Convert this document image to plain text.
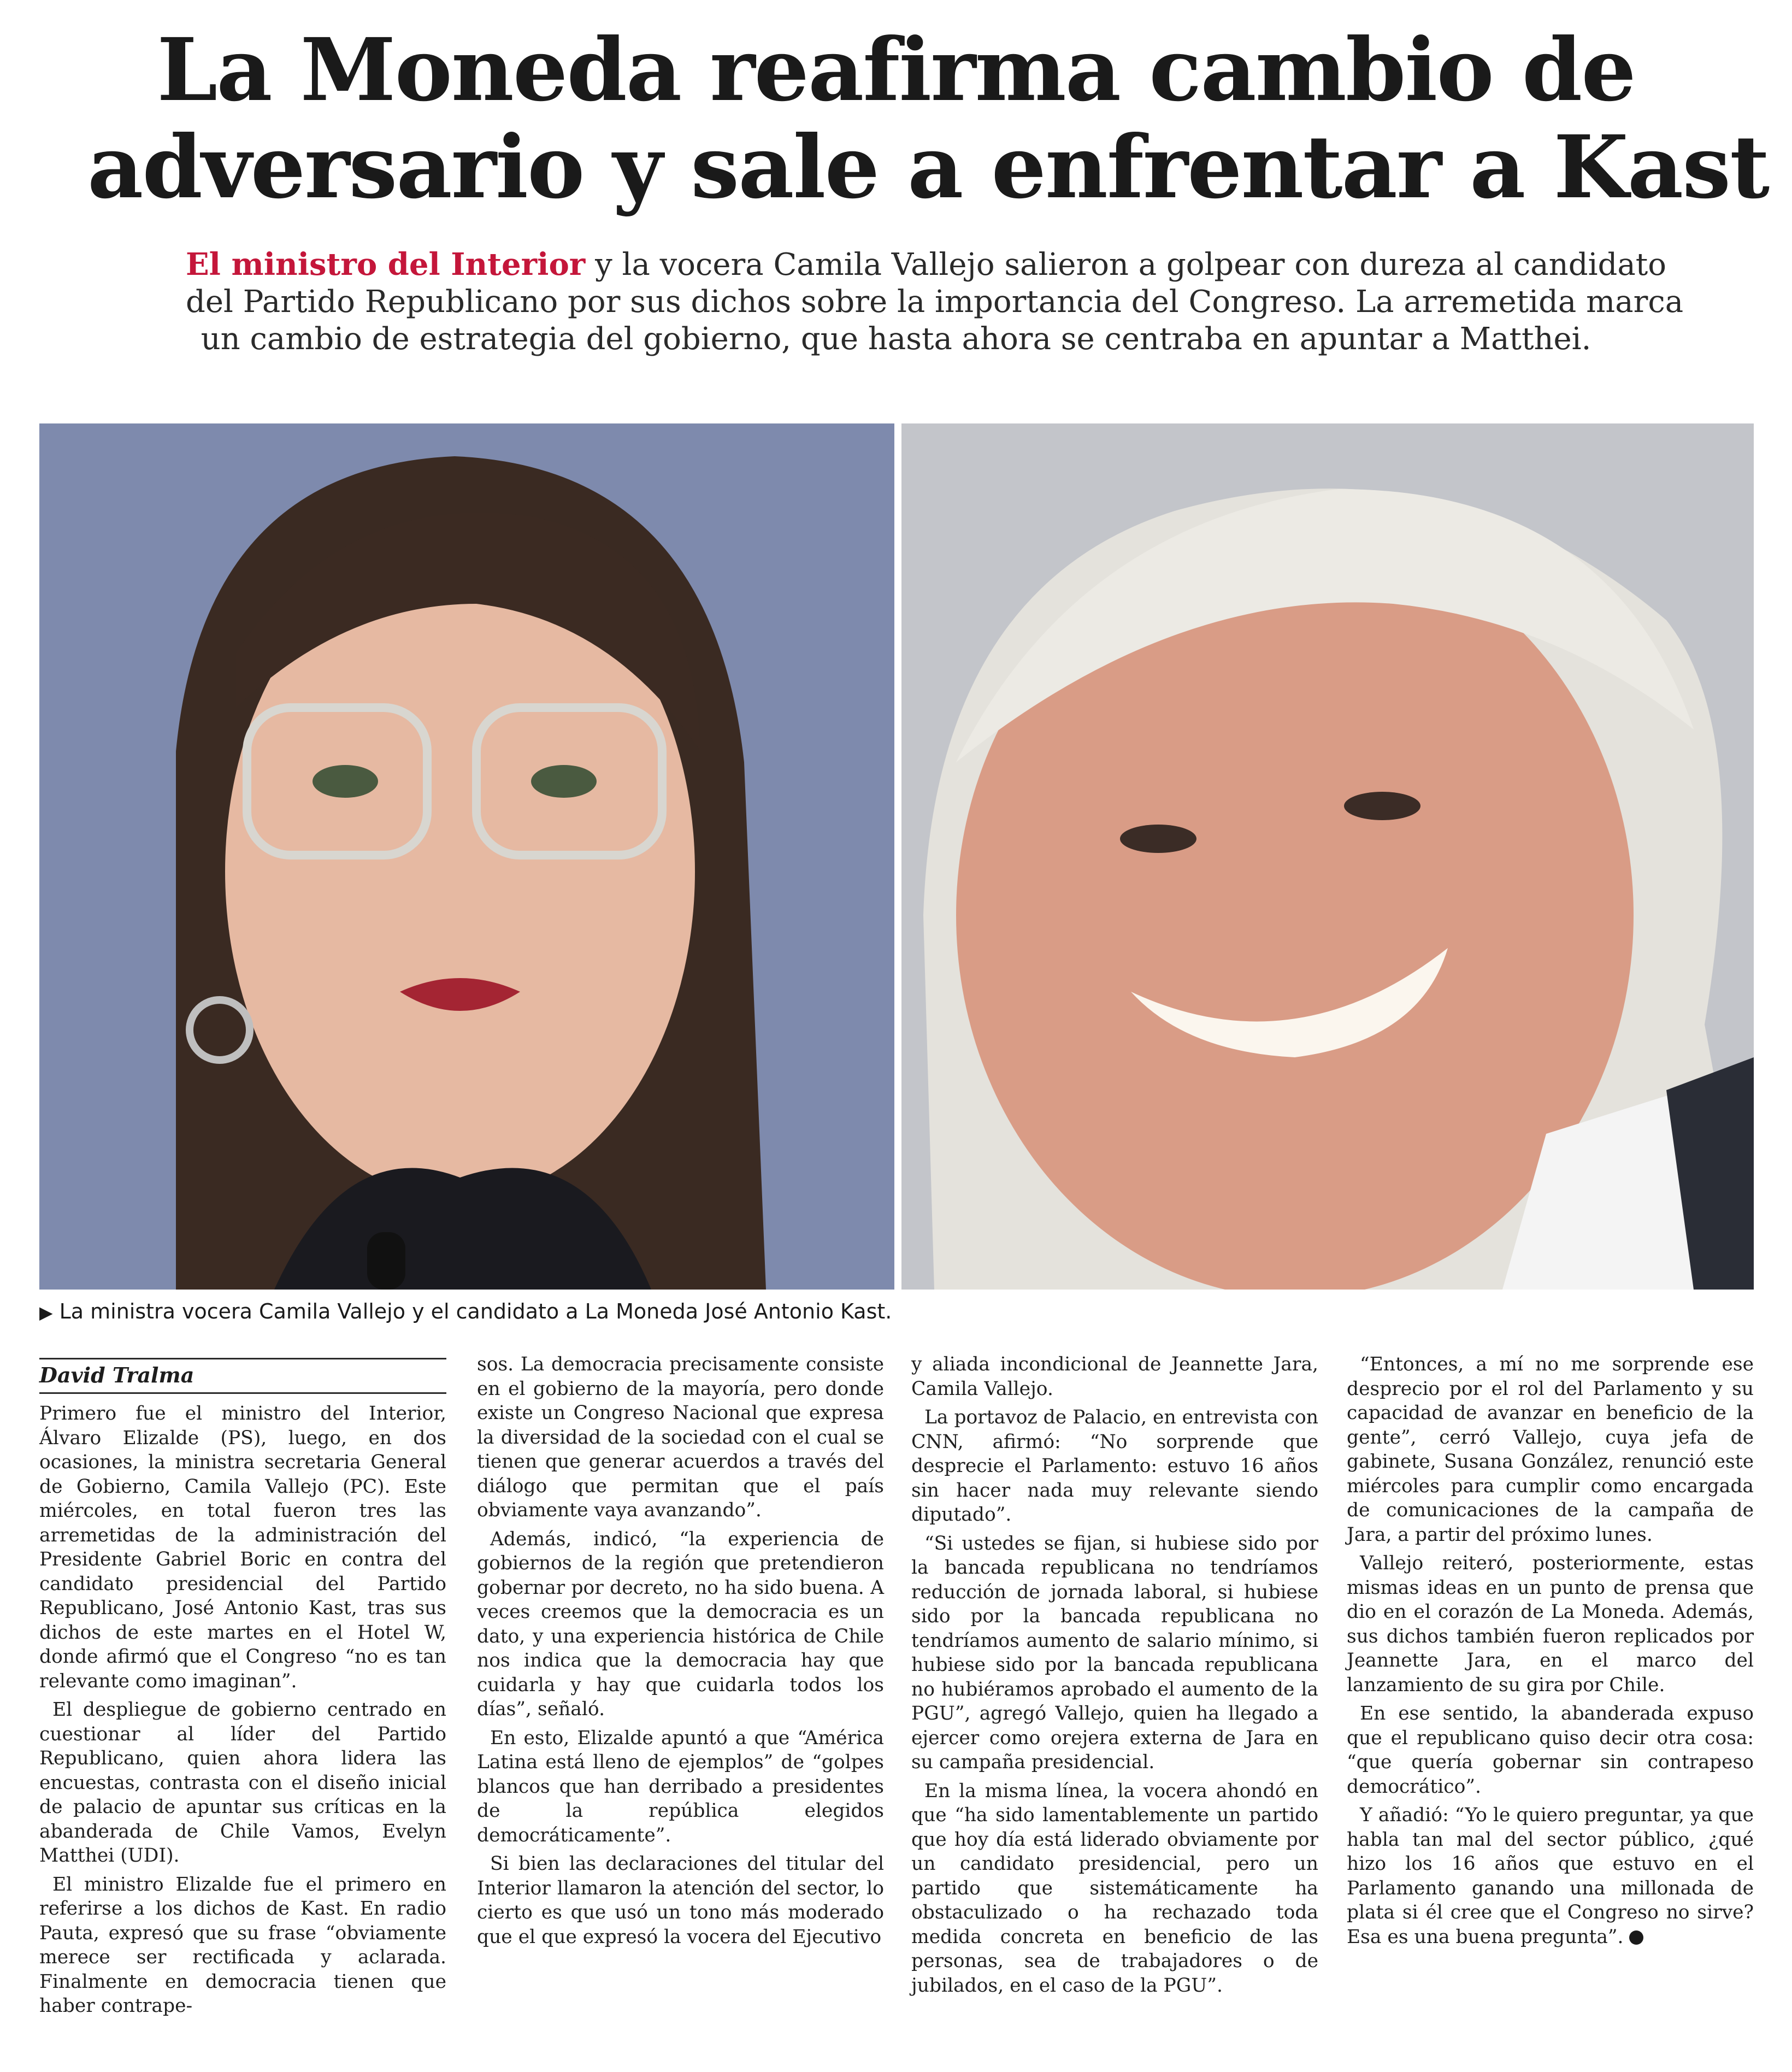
La Moneda reafirma cambio de
adversario y sale a enfrentar a Kast
El ministro del Interior y la vocera Camila Vallejo salieron a golpear con dureza al candidato
del Partido Republicano por sus dichos sobre la importancia del Congreso. La arremetida marca
un cambio de estrategia del gobierno, que hasta ahora se centraba en apuntar a Matthei.
▶ La ministra vocera Camila Vallejo y el candidato a La Moneda José Antonio Kast.
David Tralma

Primero fue el ministro del Interior, Álvaro Elizalde (PS), luego, en dos ocasiones, la ministra secretaria General de Gobierno, Camila Vallejo (PC). Este miércoles, en total fueron tres las arremetidas de la administración del Presidente Gabriel Boric en contra del candidato presidencial del Partido Republicano, José Antonio Kast, tras sus dichos de este martes en el Hotel W, donde afirmó que el Congreso “no es tan relevante como imaginan”.

El despliegue de gobierno centrado en cuestionar al líder del Partido Republicano, quien ahora lidera las encuestas, contrasta con el diseño inicial de palacio de apuntar sus críticas en la abanderada de Chile Vamos, Evelyn Matthei (UDI).

El ministro Elizalde fue el primero en referirse a los dichos de Kast. En radio Pauta, expresó que su frase “obviamente merece ser rectificada y aclarada. Finalmente en democracia tienen que haber contrape-

sos. La democracia precisamente consiste en el gobierno de la mayoría, pero donde existe un Congreso Nacional que expresa la diversidad de la sociedad con el cual se tienen que generar acuerdos a través del diálogo que permitan que el país obviamente vaya avanzando”.

Además, indicó, “la experiencia de gobiernos de la región que pretendieron gobernar por decreto, no ha sido buena. A veces creemos que la democracia es un dato, y una experiencia histórica de Chile nos indica que la democracia hay que cuidarla y hay que cuidarla todos los días”, señaló.

En esto, Elizalde apuntó a que “América Latina está lleno de ejemplos” de “golpes blancos que han derribado a presidentes de la república elegidos democráticamente”.

Si bien las declaraciones del titular del Interior llamaron la atención del sector, lo cierto es que usó un tono más moderado que el que expresó la vocera del Ejecutivo

y aliada incondicional de Jeannette Jara, Camila Vallejo.

La portavoz de Palacio, en entrevista con CNN, afirmó: “No sorprende que desprecie el Parlamento: estuvo 16 años sin hacer nada muy relevante siendo diputado”.

“Si ustedes se fijan, si hubiese sido por la bancada republicana no tendríamos reducción de jornada laboral, si hubiese sido por la bancada republicana no tendríamos aumento de salario mínimo, si hubiese sido por la bancada republicana no hubiéramos aprobado el aumento de la PGU”, agregó Vallejo, quien ha llegado a ejercer como orejera externa de Jara en su campaña presidencial.

En la misma línea, la vocera ahondó en que “ha sido lamentablemente un partido que hoy día está liderado obviamente por un candidato presidencial, pero un partido que sistemáticamente ha obstaculizado o ha rechazado toda medida concreta en beneficio de las personas, sea de trabajadores o de jubilados, en el caso de la PGU”.

“Entonces, a mí no me sorprende ese desprecio por el rol del Parlamento y su capacidad de avanzar en beneficio de la gente”, cerró Vallejo, cuya jefa de gabinete, Susana González, renunció este miércoles para cumplir como encargada de comunicaciones de la campaña de Jara, a partir del próximo lunes.

Vallejo reiteró, posteriormente, estas mismas ideas en un punto de prensa que dio en el corazón de La Moneda. Además, sus dichos también fueron replicados por Jeannette Jara, en el marco del lanzamiento de su gira por Chile.

En ese sentido, la abanderada expuso que el republicano quiso decir otra cosa: “que quería gobernar sin contrapeso democrático”.

Y añadió: “Yo le quiero preguntar, ya que habla tan mal del sector público, ¿qué hizo los 16 años que estuvo en el Parlamento ganando una millonada de plata si él cree que el Congreso no sirve? Esa es una buena pregunta”.
